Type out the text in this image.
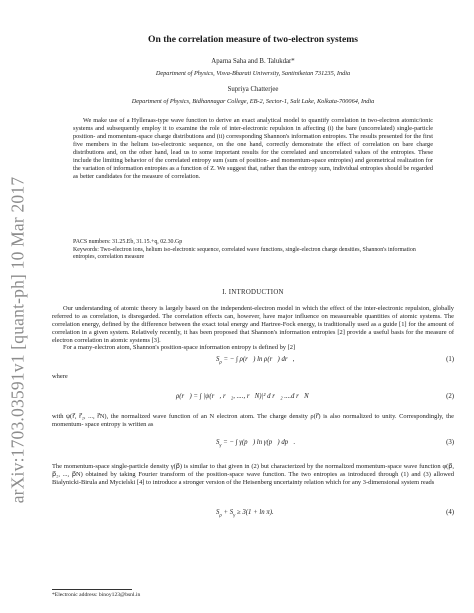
arXiv:1703.03591v1 [quant-ph] 10 Mar 2017
On the correlation measure of two-electron systems
Aparna Saha and B. Talukdar*
Department of Physics, Visva-Bharati University, Santiniketan 731235, India
Supriya Chatterjee
Department of Physics, Bidhannagar College, EB-2, Sector-1, Salt Lake, Kolkata-700064, India

We make use of a Hylleraas-type wave function to derive an exact analytical model to quantify correlation in two-electron atomic/ionic systems and subsequently employ it to examine the role of inter-electronic repulsion in affecting (i) the bare (uncorrelated) single-particle position- and momentum-space charge distributions and (ii) corresponding Shannon's information entropies. The results presented for the first five members in the helium iso-electronic sequence, on the one hand, correctly demonstrate the effect of correlation on bare charge distributions and, on the other hand, lead us to some important results for the correlated and uncorrelated values of the entropies. These include the limiting behavior of the correlated entropy sum (sum of position- and momentum-space entropies) and geometrical realization for the variation of information entropies as a function of Z. We suggest that, rather than the entropy sum, individual entropies should be regarded as better candidates for the measure of correlation.

PACS numbers: 31.25.Eb, 31.15.+q, 02.30.Gp
Keywords: Two-electron ions, helium iso-electronic sequence, correlated wave functions, single-electron charge densities, Shannon's information entropies, correlation measure
I. INTRODUCTION

Our understanding of atomic theory is largely based on the independent-electron model in which the effect of the inter-electronic repulsion, globally referred to as correlation, is disregarded. The correlation effects can, however, have major influence on measureable quantities of atomic systems. The correlation energy, defined by the difference between the exact total energy and Hartree-Fock energy, is traditionally used as a guide [1] for the amount of correlation in a given system. Relatively recently, it has been proposed that Shannon's information entropies [2] provide a useful basis for the measure of electron correlation in atomic systems [3].

For a many-electron atom, Shannon's position-space information entropy is defined by [2]

$S_\rho$ = − ∫ ρ(r⃗) ln ρ(r⃗) dr⃗,	(1)
where
ρ(r⃗) = ∫ |ψ(r⃗, r⃗₂, ...., r⃗N)|² d r⃗₂ ....d r⃗N	(2)

with ψ(r⃗, r⃗₂, ..., r⃗N), the normalized wave function of an N electron atom. The charge density ρ(r⃗) is also normalized to unity. Correspondingly, the momentum- space entropy is written as

$S_\gamma$ = − ∫ γ(p⃗) ln γ(p⃗) dp⃗.	(3)

The momentum-space single-particle density γ(p⃗) is similar to that given in (2) but characterized by the normalized momentum-space wave function φ(p⃗, p⃗₂, ..., p⃗N) obtained by taking Fourier transform of the position-space wave function. The two entropies as introduced through (1) and (3) allowed Bialynicki-Birula and Mycielski [4] to introduce a stronger version of the Heisenberg uncertainty relation which for any 3-dimensional system reads

$S_\rho + S_\gamma \ge 3(1 + \ln \pi)$.	(4)
*Electronic address: binoy123@bsnl.in
